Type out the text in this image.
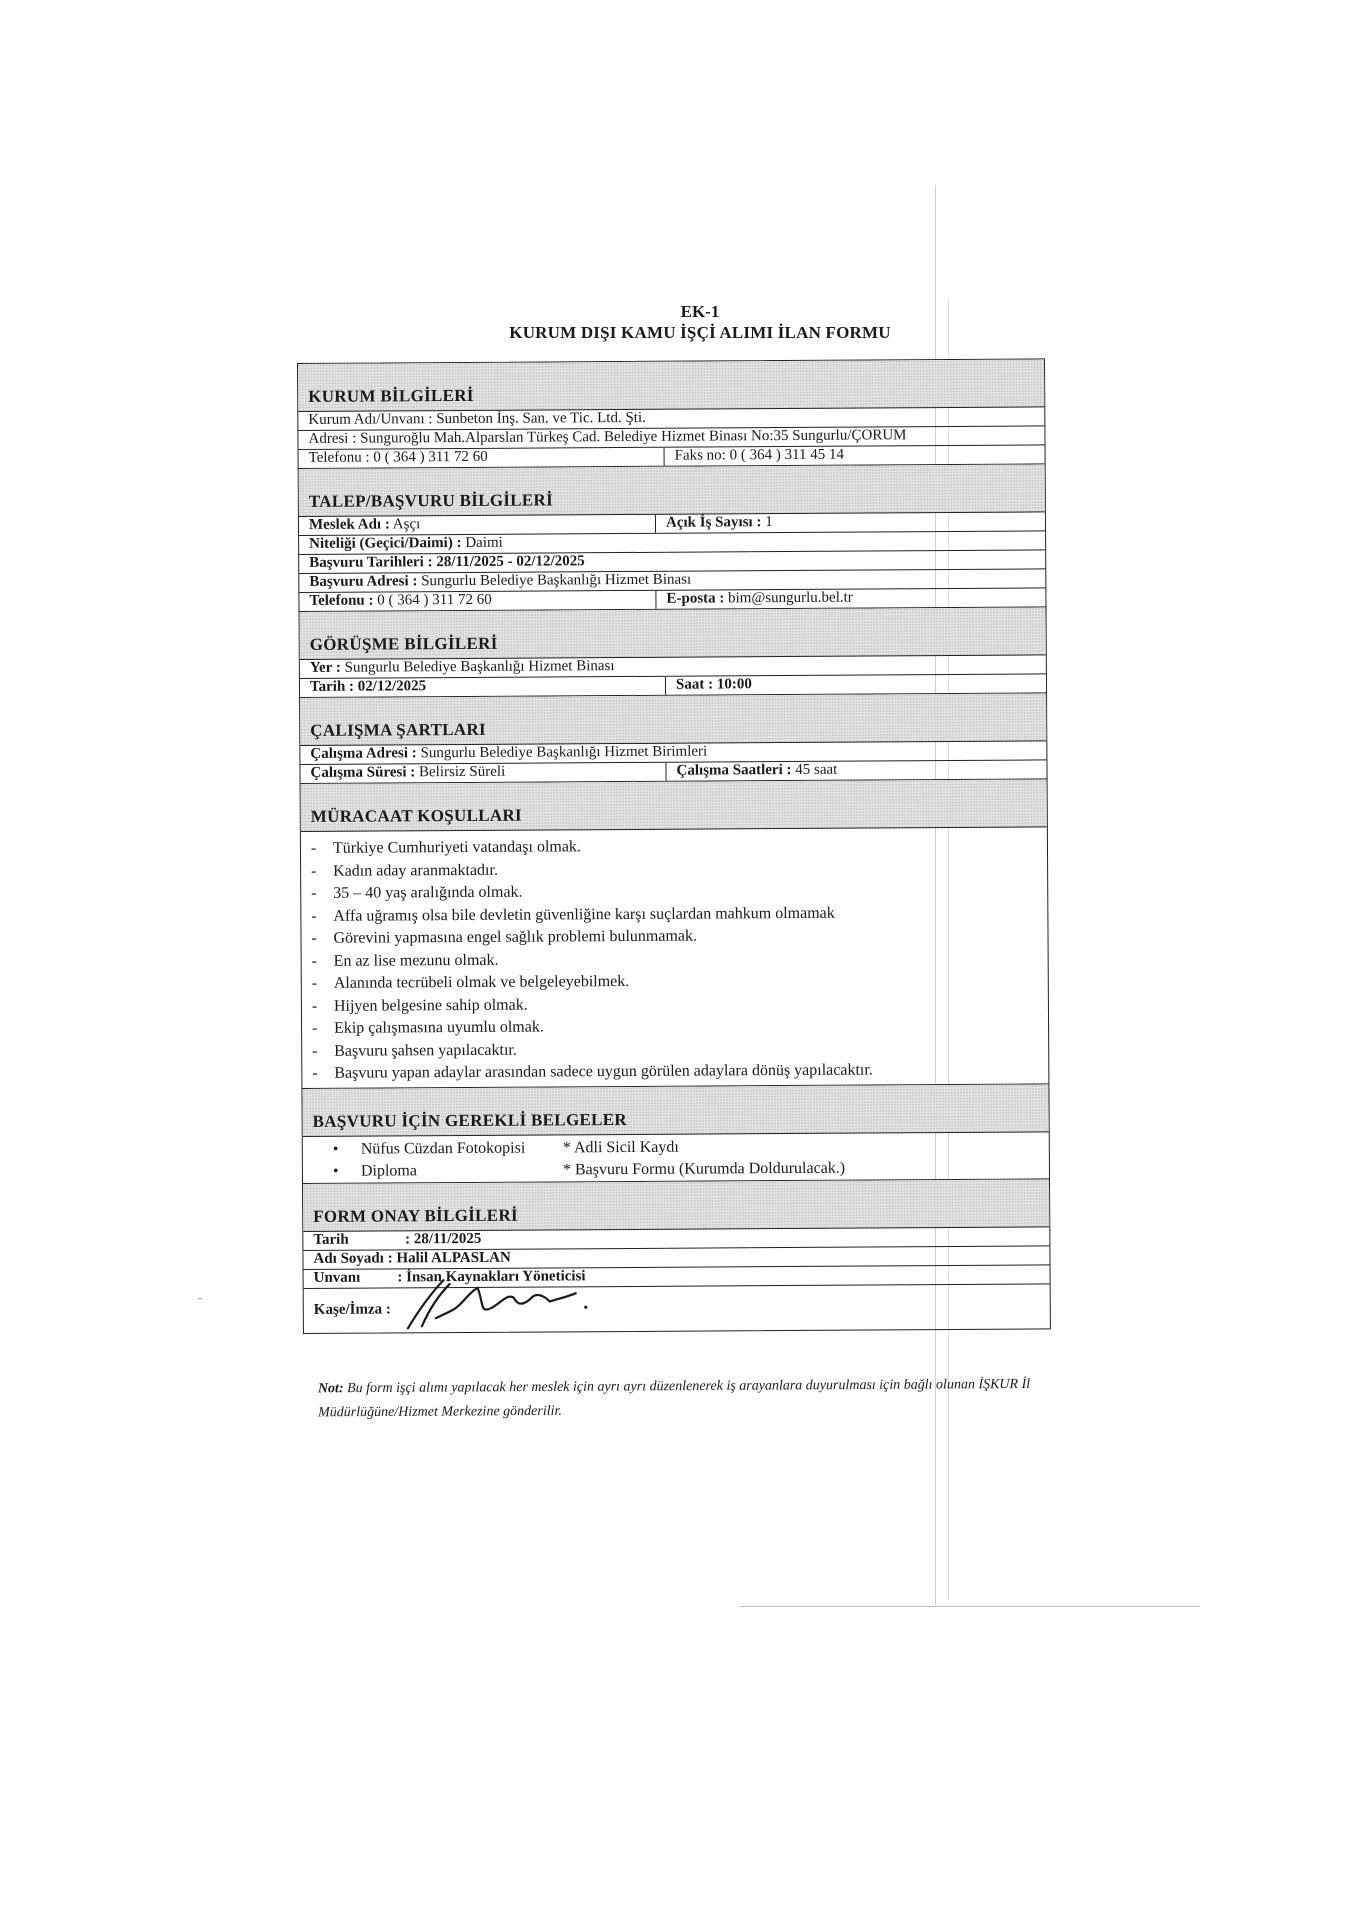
EK-1
KURUM DIŞI KAMU İŞÇİ ALIMI İLAN FORMU
KURUM BİLGİLERİ
Kurum Adı/Unvanı : Sunbeton İnş. San. ve Tic. Ltd. Şti.
Adresi : Sunguroğlu Mah.Alparslan Türkeş Cad. Belediye Hizmet Binası No:35 Sungurlu/ÇORUM
Telefonu : 0 ( 364 ) 311 72 60	Faks no: 0 ( 364 ) 311 45 14
TALEP/BAŞVURU BİLGİLERİ
Meslek Adı : Aşçı	Açık İş Sayısı : 1
Niteliği (Geçici/Daimi) : Daimi
Başvuru Tarihleri : 28/11/2025 - 02/12/2025
Başvuru Adresi : Sungurlu Belediye Başkanlığı Hizmet Binası
Telefonu : 0 ( 364 ) 311 72 60	E-posta : bim@sungurlu.bel.tr
GÖRÜŞME BİLGİLERİ
Yer : Sungurlu Belediye Başkanlığı Hizmet Binası
Tarih : 02/12/2025	Saat : 10:00
ÇALIŞMA ŞARTLARI
Çalışma Adresi : Sungurlu Belediye Başkanlığı Hizmet Birimleri
Çalışma Süresi : Belirsiz Süreli	Çalışma Saatleri : 45 saat
MÜRACAAT KOŞULLARI
- Türkiye Cumhuriyeti vatandaşı olmak.
- Kadın aday aranmaktadır.
- 35 – 40 yaş aralığında olmak.
- Affa uğramış olsa bile devletin güvenliğine karşı suçlardan mahkum olmamak
- Görevini yapmasına engel sağlık problemi bulunmamak.
- En az lise mezunu olmak.
- Alanında tecrübeli olmak ve belgeleyebilmek.
- Hijyen belgesine sahip olmak.
- Ekip çalışmasına uyumlu olmak.
- Başvuru şahsen yapılacaktır.
- Başvuru yapan adaylar arasından sadece uygun görülen adaylara dönüş yapılacaktır.
BAŞVURU İÇİN GEREKLİ BELGELER
• Nüfus Cüzdan Fotokopisi	* Adli Sicil Kaydı
• Diploma	* Başvuru Formu (Kurumda Doldurulacak.)
FORM ONAY BİLGİLERİ
Tarih	: 28/11/2025
Adı Soyadı : Halil ALPASLAN
Unvanı : İnsan Kaynakları Yöneticisi
Kaşe/İmza :
Not: Bu form işçi alımı yapılacak her meslek için ayrı ayrı düzenlenerek iş arayanlara duyurulması için bağlı olunan İŞKUR İl Müdürlüğüne/Hizmet Merkezine gönderilir.
